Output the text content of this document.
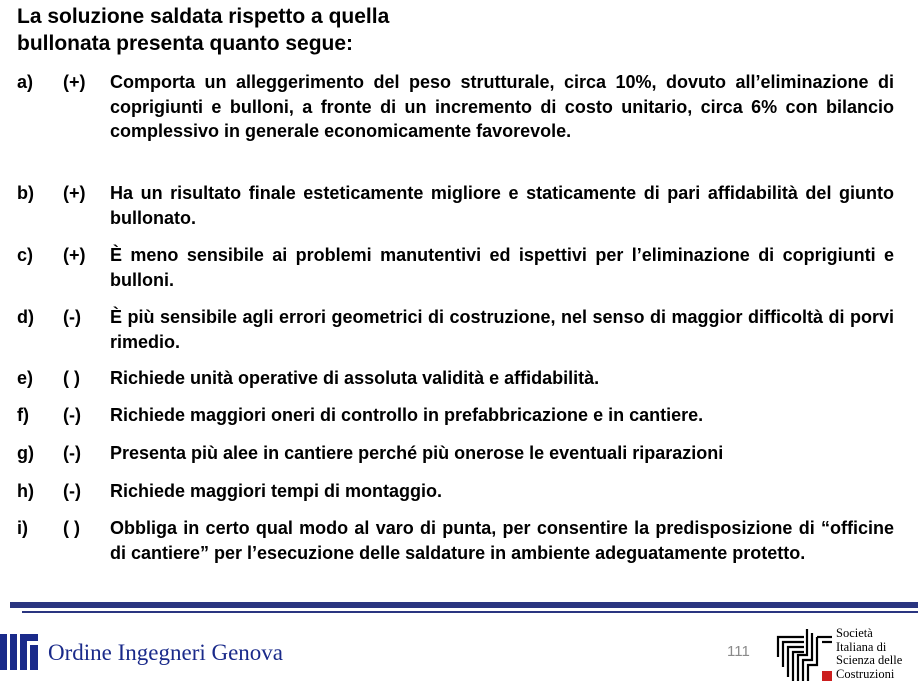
La soluzione saldata rispetto a quella
bullonata presenta quanto segue:
a)	(+)	Comporta un alleggerimento del peso strutturale, circa 10%, dovuto all’eliminazione di coprigiunti e bulloni, a fronte di un incremento di costo unitario, circa 6% con bilancio complessivo in generale economicamente favorevole.
b)	(+)	Ha un risultato finale esteticamente migliore e staticamente di pari affidabilità del giunto bullonato.
c)	(+)	È meno sensibile ai problemi manutentivi ed ispettivi per l’eliminazione di coprigiunti e bulloni.
d)	(-)	È più sensibile agli errori geometrici di costruzione, nel senso di maggior difficoltà di porvi rimedio.
e)	( )	Richiede unità operative di assoluta validità e affidabilità.
f)	(-)	Richiede maggiori oneri di controllo in prefabbricazione e in cantiere.
g)	(-)	Presenta più alee in cantiere perché più onerose le eventuali riparazioni
h)	(-)	Richiede maggiori tempi di montaggio.
i)	( )	Obbliga in certo qual modo al varo di punta, per consentire la predisposizione di “officine di cantiere” per l’esecuzione delle saldature in ambiente adeguatamente protetto.
Ordine Ingegneri Genova	111
Società
Italiana di
Scienza delle
Costruzioni
